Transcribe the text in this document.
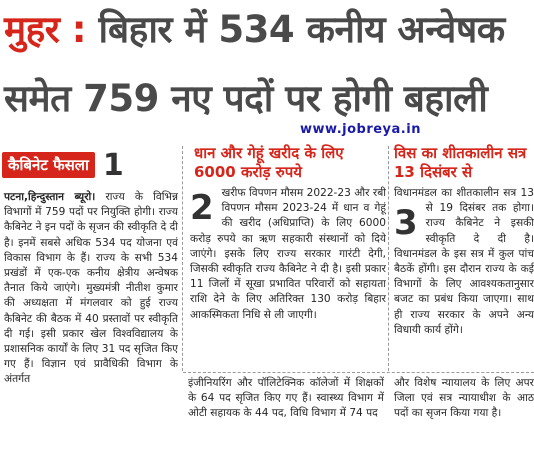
मुहर : बिहार में 534 कनीय अन्वेषक
समेत 759 नए पदों पर होगी बहाली
www.jobreya.in
कैबिनेट फैसला 1

पटना,हिन्दुस्तान ब्यूरो। राज्य के विभिन्न विभागों में 759 पदों पर नियुक्ति होगी। राज्य कैबिनेट ने इन पदों के सृजन की स्वीकृति दे दी है। इनमें सबसे अधिक 534 पद योजना एवं विकास विभाग के हैं। राज्य के सभी 534 प्रखंडों में एक-एक कनीय क्षेत्रीय अन्वेषक तैनात किये जाएंगे। मुख्यमंत्री नीतीश कुमार की अध्यक्षता में मंगलवार को हुई राज्य कैबिनेट की बैठक में 40 प्रस्तावों पर स्वीकृति दी गई। इसी प्रकार खेल विश्वविद्यालय के प्रशासनिक कार्यों के लिए 31 पद सृजित किए गए हैं। विज्ञान एवं प्रावैधिकी विभाग के अंतर्गत

धान और गेहूं खरीद के लिए 6000 करोड़ रुपये

2 खरीफ विपणन मौसम 2022-23 और रबी विपणन मौसम 2023-24 में धान व गेहूं की खरीद (अधिप्राप्ति) के लिए 6000 करोड़ रुपये का ऋण सहकारी संस्थानों को दिये जाएंगे। इसके लिए राज्य सरकार गारंटी देगी, जिसकी स्वीकृति राज्य कैबिनेट ने दी है। इसी प्रकार 11 जिलों में सूखा प्रभावित परिवारों को सहायता राशि देने के लिए अतिरिक्त 130 करोड़ बिहार आकस्मिकता निधि से ली जाएगी।

विस का शीतकालीन सत्र 13 दिसंबर से

विधानमंडल का शीतकालीन सत्र 13 से 19 दिसंबर तक होगा।
3 राज्य कैबिनेट ने इसकी स्वीकृति दे दी है। विधानमंडल के इस सत्र में कुल पांच बैठकें होंगी। इस दौरान राज्य के कई विभागों के लिए आवश्यकतानुसार बजट का प्रबंध किया जाएगा। साथ ही राज्य सरकार के अपने अन्य विधायी कार्य होंगे।

इंजीनियरिंग और पॉलिटेक्निक कॉलेजों में शिक्षकों के 64 पद सृजित किए गए हैं। स्वास्थ्य विभाग में ओटी सहायक के 44 पद, विधि विभाग में 74 पद

और विशेष न्यायालय के लिए अपर जिला एवं सत्र न्यायाधीश के आठ पदों का सृजन किया गया है।
